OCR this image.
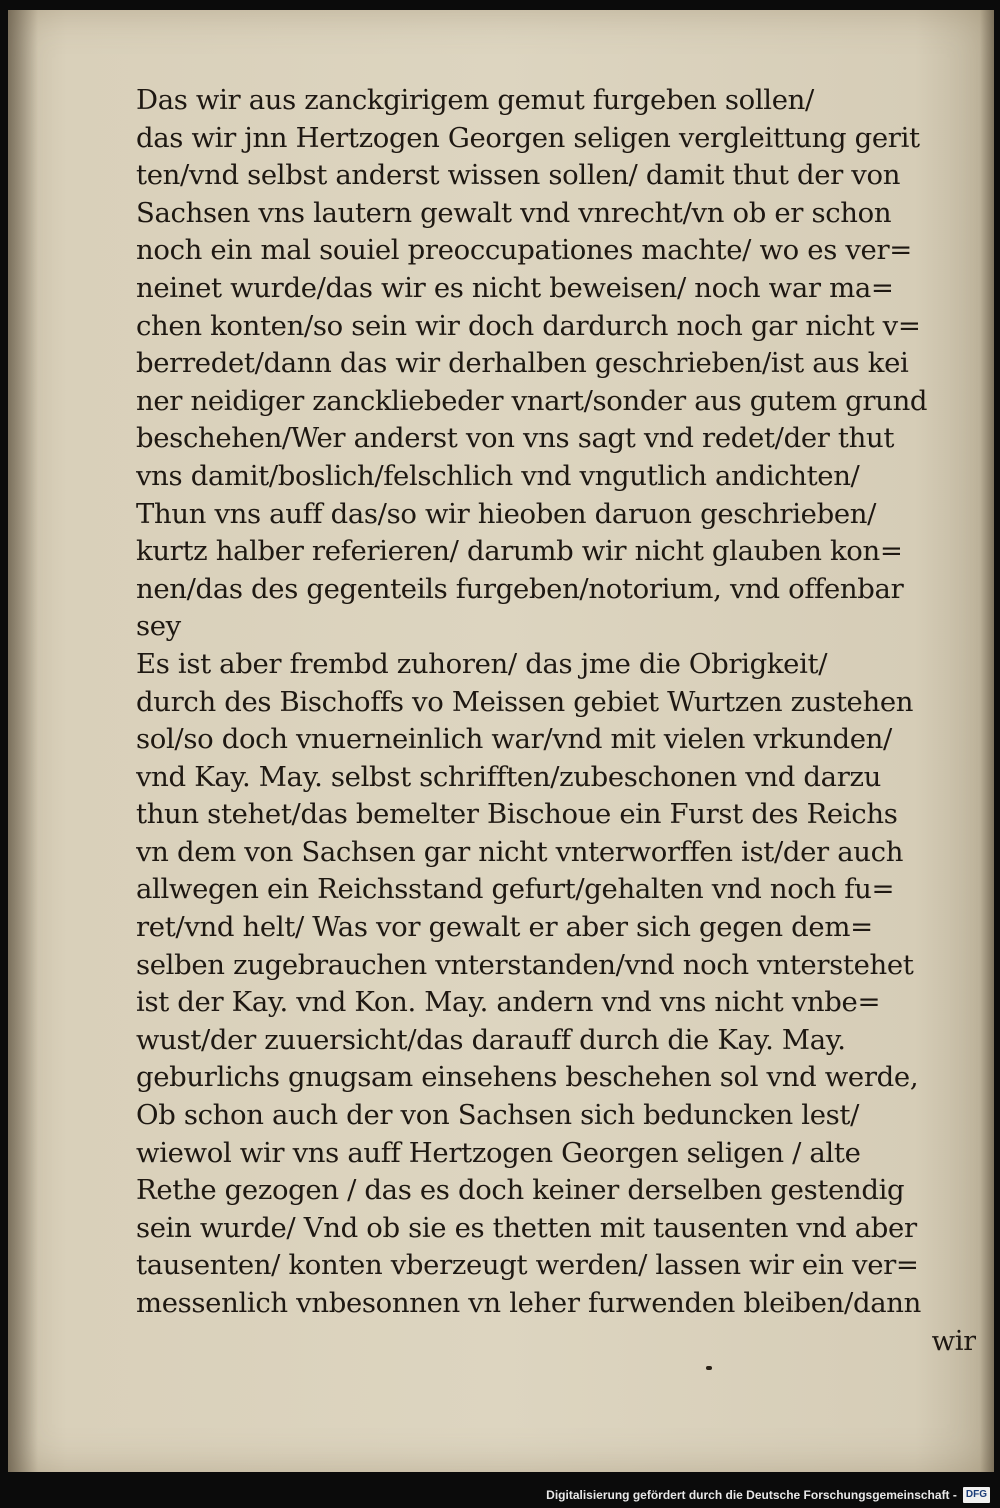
Das wir aus zanckgirigem gemut furgeben sollen/
das wir jnn Hertzogen Georgen seligen vergleittung gerit
ten/vnd selbst anderst wissen sollen/ damit thut der von
Sachsen vns lautern gewalt vnd vnrecht/vn ob er schon
noch ein mal souiel preoccupationes machte/ wo es ver=
neinet wurde/das wir es nicht beweisen/ noch war ma=
chen konten/so sein wir doch dardurch noch gar nicht v=
berredet/dann das wir derhalben geschrieben/ist aus kei
ner neidiger zanckliebeder vnart/sonder aus gutem grund
beschehen/Wer anderst von vns sagt vnd redet/der thut
vns damit/boslich/felschlich vnd vngutlich andichten/
Thun vns auff das/so wir hieoben daruon geschrieben/
kurtz halber referieren/ darumb wir nicht glauben kon=
nen/das des gegenteils furgeben/notorium, vnd offenbar
sey
Es ist aber frembd zuhoren/ das jme die Obrigkeit/
durch des Bischoffs vo Meissen gebiet Wurtzen zustehen
sol/so doch vnuerneinlich war/vnd mit vielen vrkunden/
vnd Kay. May. selbst schrifften/zubeschonen vnd darzu
thun stehet/das bemelter Bischoue ein Furst des Reichs
vn dem von Sachsen gar nicht vnterworffen ist/der auch
allwegen ein Reichsstand gefurt/gehalten vnd noch fu=
ret/vnd helt/ Was vor gewalt er aber sich gegen dem=
selben zugebrauchen vnterstanden/vnd noch vnterstehet
ist der Kay. vnd Kon. May. andern vnd vns nicht vnbe=
wust/der zuuersicht/das darauff durch die Kay. May.
geburlichs gnugsam einsehens beschehen sol vnd werde,
Ob schon auch der von Sachsen sich beduncken lest/
wiewol wir vns auff Hertzogen Georgen seligen / alte
Rethe gezogen / das es doch keiner derselben gestendig
sein wurde/ Vnd ob sie es thetten mit tausenten vnd aber
tausenten/ konten vberzeugt werden/ lassen wir ein ver=
messenlich vnbesonnen vn leher furwenden bleiben/dann
wir
Digitalisierung gefördert durch die Deutsche Forschungsgemeinschaft - DFG
